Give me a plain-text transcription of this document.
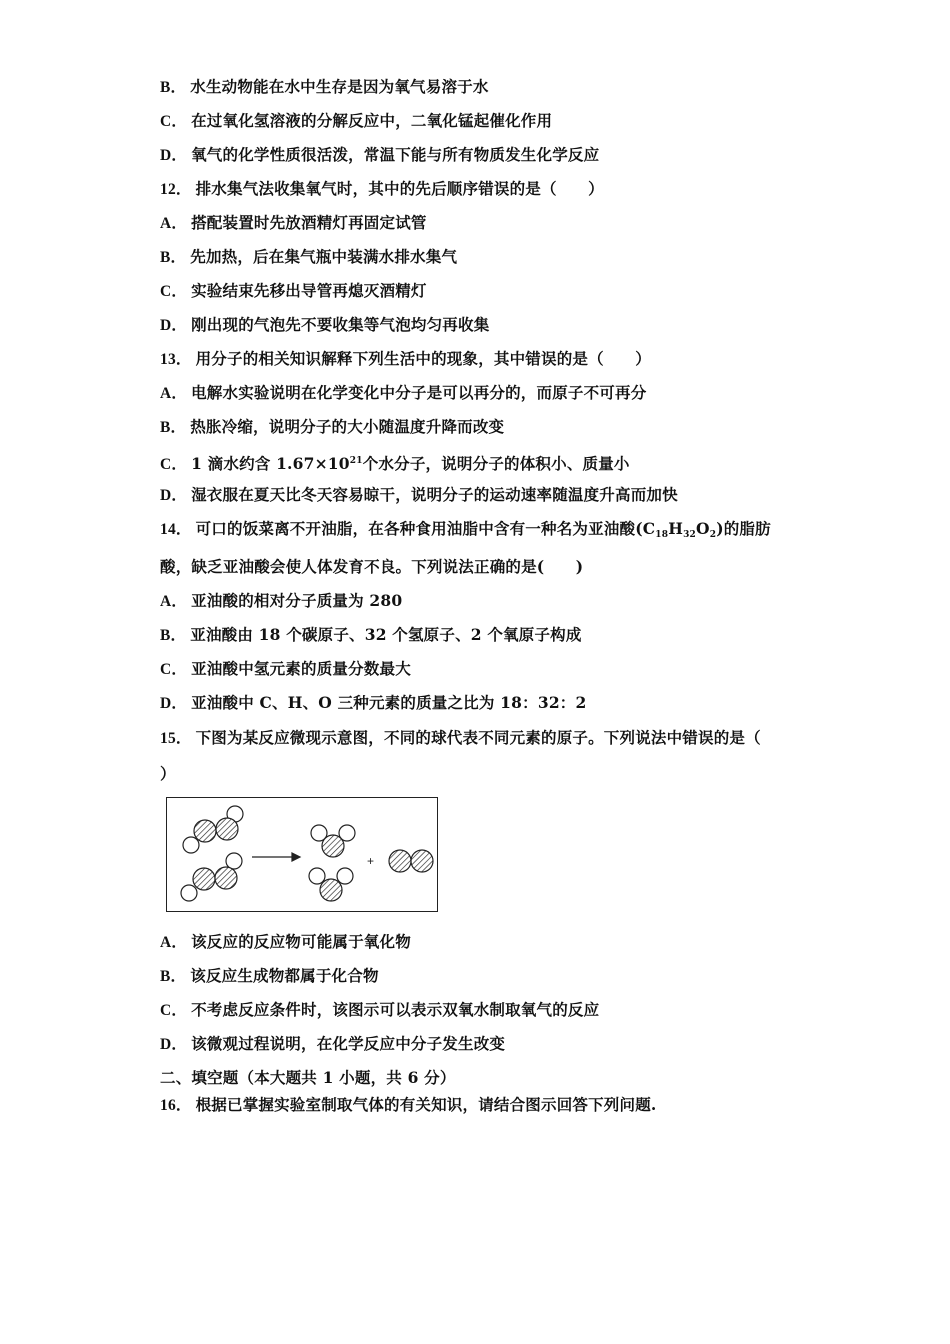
B． 水生动物能在水中生存是因为氧气易溶于水
C． 在过氧化氢溶液的分解反应中，二氧化锰起催化作用
D． 氧气的化学性质很活泼，常温下能与所有物质发生化学反应
12． 排水集气法收集氧气时，其中的先后顺序错误的是（　　）
A． 搭配装置时先放酒精灯再固定试管
B． 先加热，后在集气瓶中装满水排水集气
C． 实验结束先移出导管再熄灭酒精灯
D． 刚出现的气泡先不要收集等气泡均匀再收集
13． 用分子的相关知识解释下列生活中的现象，其中错误的是（　　）
A． 电解水实验说明在化学变化中分子是可以再分的，而原子不可再分
B． 热胀冷缩，说明分子的大小随温度升降而改变
C． 1 滴水约含 $1.67\times 10^{21}$个水分子，说明分子的体积小、质量小
D． 湿衣服在夏天比冬天容易晾干，说明分子的运动速率随温度升高而加快
14． 可口的饭菜离不开油脂，在各种食用油脂中含有一种名为亚油酸$(C_{18}H_{32}O_2)$的脂肪
酸，缺乏亚油酸会使人体发育不良。下列说法正确的是(　　)
A． 亚油酸的相对分子质量为 280
B． 亚油酸由 18 个碳原子、32 个氢原子、2 个氧原子构成
C． 亚油酸中氢元素的质量分数最大
D． 亚油酸中 C、H、O 三种元素的质量之比为 18：32：2
15． 下图为某反应微现示意图，不同的球代表不同元素的原子。下列说法中错误的是（
）
+
A． 该反应的反应物可能属于氧化物
B． 该反应生成物都属于化合物
C． 不考虑反应条件时，该图示可以表示双氧水制取氧气的反应
D． 该微观过程说明，在化学反应中分子发生改变
二、填空题（本大题共 1 小题，共 6 分）
16． 根据已掌握实验室制取气体的有关知识，请结合图示回答下列问题.
